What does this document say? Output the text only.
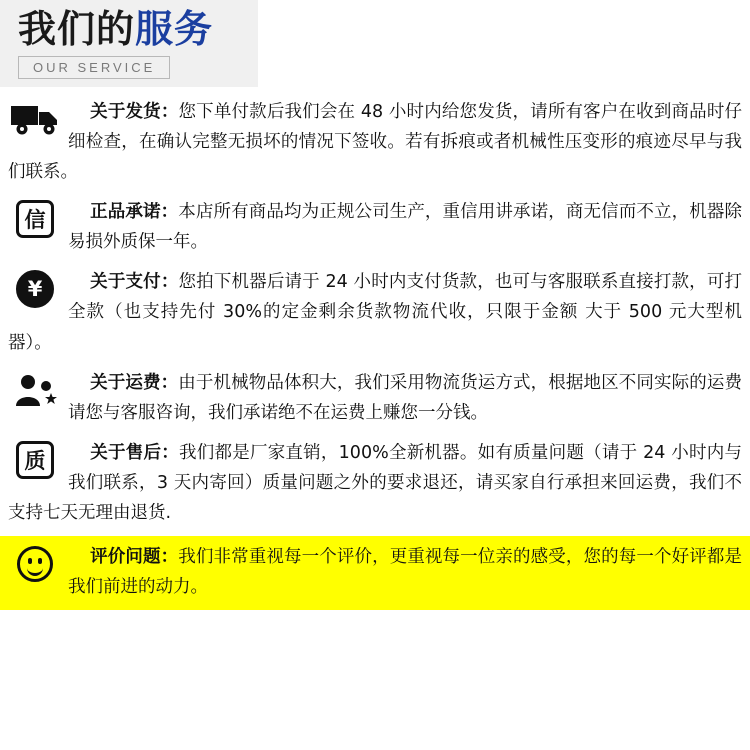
我们的服务
OUR SERVICE
关于发货：您下单付款后我们会在 48 小时内给您发货，请所有客户在收到商品时仔细检查，在确认完整无损坏的情况下签收。若有拆痕或者机械性压变形的痕迹尽早与我们联系。
信	正品承诺：本店所有商品均为正规公司生产，重信用讲承诺，商无信而不立，机器除易损外质保一年。
¥	关于支付：您拍下机器后请于 24 小时内支付货款，也可与客服联系直接打款，可打全款（也支持先付 30%的定金剩余货款物流代收，只限于金额 大于 500 元大型机器）。
关于运费：由于机械物品体积大，我们采用物流货运方式，根据地区不同实际的运费请您与客服咨询，我们承诺绝不在运费上赚您一分钱。
质	关于售后：我们都是厂家直销，100%全新机器。如有质量问题（请于 24 小时内与我们联系，3 天内寄回）质量问题之外的要求退还，请买家自行承担来回运费，我们不支持七天无理由退货.
评价问题：我们非常重视每一个评价，更重视每一位亲的感受，您的每一个好评都是我们前进的动力。
